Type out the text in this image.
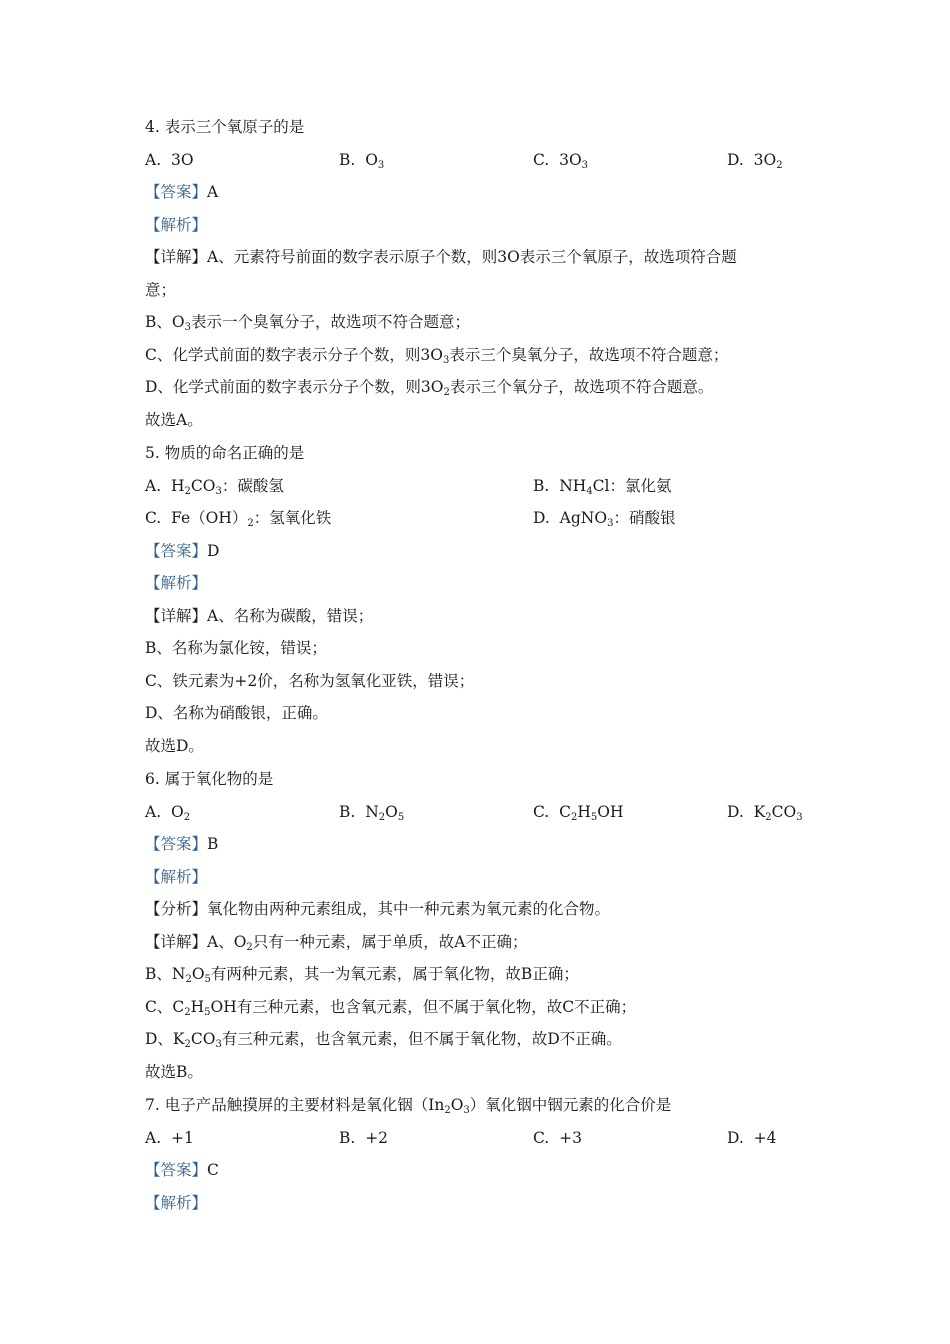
4. 表示三个氧原子的是
A. 3O	B. $O_3$	C. $3O_3$	D. $3O_2$
【答案】A
【解析】
【详解】A、元素符号前面的数字表示原子个数，则3O表示三个氧原子，故选项符合题
意；
B、$O_3$表示一个臭氧分子，故选项不符合题意；
C、化学式前面的数字表示分子个数，则$3O_3$表示三个臭氧分子，故选项不符合题意；
D、化学式前面的数字表示分子个数，则$3O_2$表示三个氧分子，故选项不符合题意。
故选A。
5. 物质的命名正确的是
A. $H_2CO_3$：碳酸氢	B. $NH_4Cl$：氯化氨
C. $Fe(OH)_2$：氢氧化铁	D. AgNO$_3$：硝酸银
【答案】D
【解析】
【详解】A、名称为碳酸，错误；
B、名称为氯化铵，错误；
C、铁元素为+2价，名称为氢氧化亚铁，错误；
D、名称为硝酸银，正确。
故选D。
6. 属于氧化物的是
A. $O_2$	B. $N_2O_5$	C. $C_2H_5OH$	D. $K_2CO_3$
【答案】B
【解析】
【分析】氧化物由两种元素组成，其中一种元素为氧元素的化合物。
【详解】A、$O_2$只有一种元素，属于单质，故A不正确；
B、$N_2O_5$有两种元素，其一为氧元素，属于氧化物，故B正确；
C、$C_2H_5OH$有三种元素，也含氧元素，但不属于氧化物，故C不正确；
D、$K_2CO_3$有三种元素，也含氧元素，但不属于氧化物，故D不正确。
故选B。
7. 电子产品触摸屏的主要材料是氧化铟$(In_2O_3)$氧化铟中铟元素的化合价是
A. +1	B. +2	C. +3	D. +4
【答案】C
【解析】
